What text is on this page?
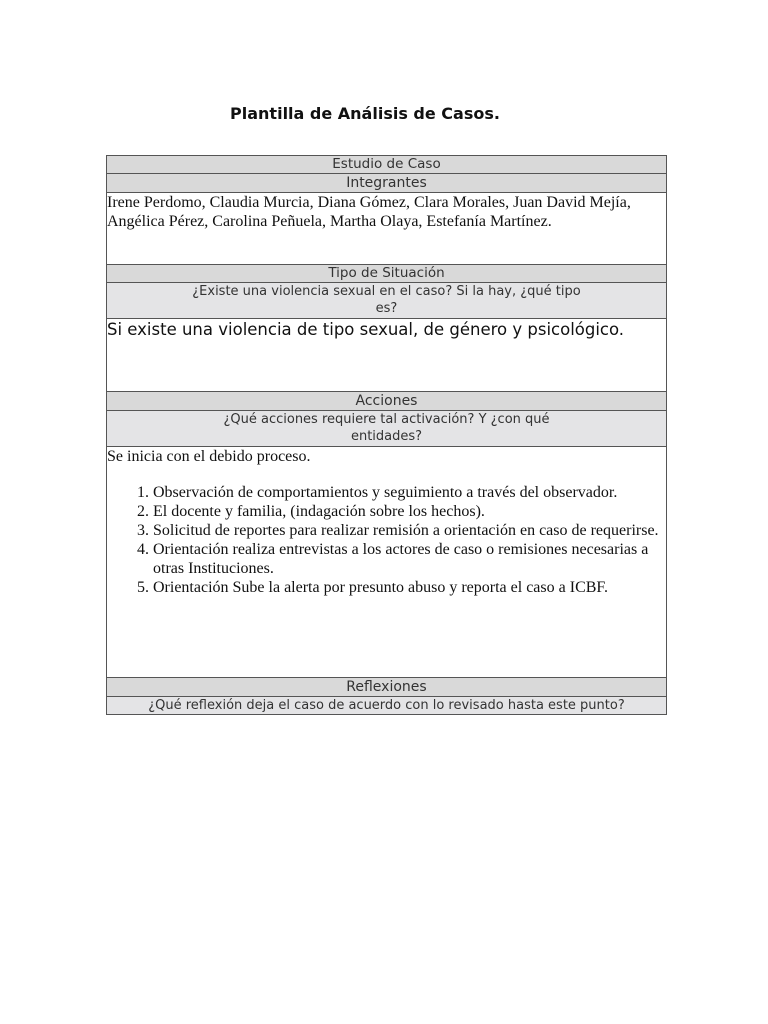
Plantilla de Análisis de Casos.
Estudio de Caso
Integrantes
Irene Perdomo, Claudia Murcia, Diana Gómez, Clara Morales, Juan David Mejía, Angélica Pérez, Carolina Peñuela, Martha Olaya, Estefanía Martínez.
Tipo de Situación

¿Existe una violencia sexual en el caso? Si la hay, ¿qué tipo es?

Si existe una violencia de tipo sexual, de género y psicológico.
Acciones

¿Qué acciones requiere tal activación? Y ¿con qué entidades?

Se inicia con el debido proceso.
1. Observación de comportamientos y seguimiento a través del observador.
2. El docente y familia, (indagación sobre los hechos).
3. Solicitud de reportes para realizar remisión a orientación en caso de requerirse.
4. Orientación realiza entrevistas a los actores de caso o remisiones necesarias a otras Instituciones.
5. Orientación Sube la alerta por presunto abuso y reporta el caso a ICBF.

Reflexiones
¿Qué reflexión deja el caso de acuerdo con lo revisado hasta este punto?
